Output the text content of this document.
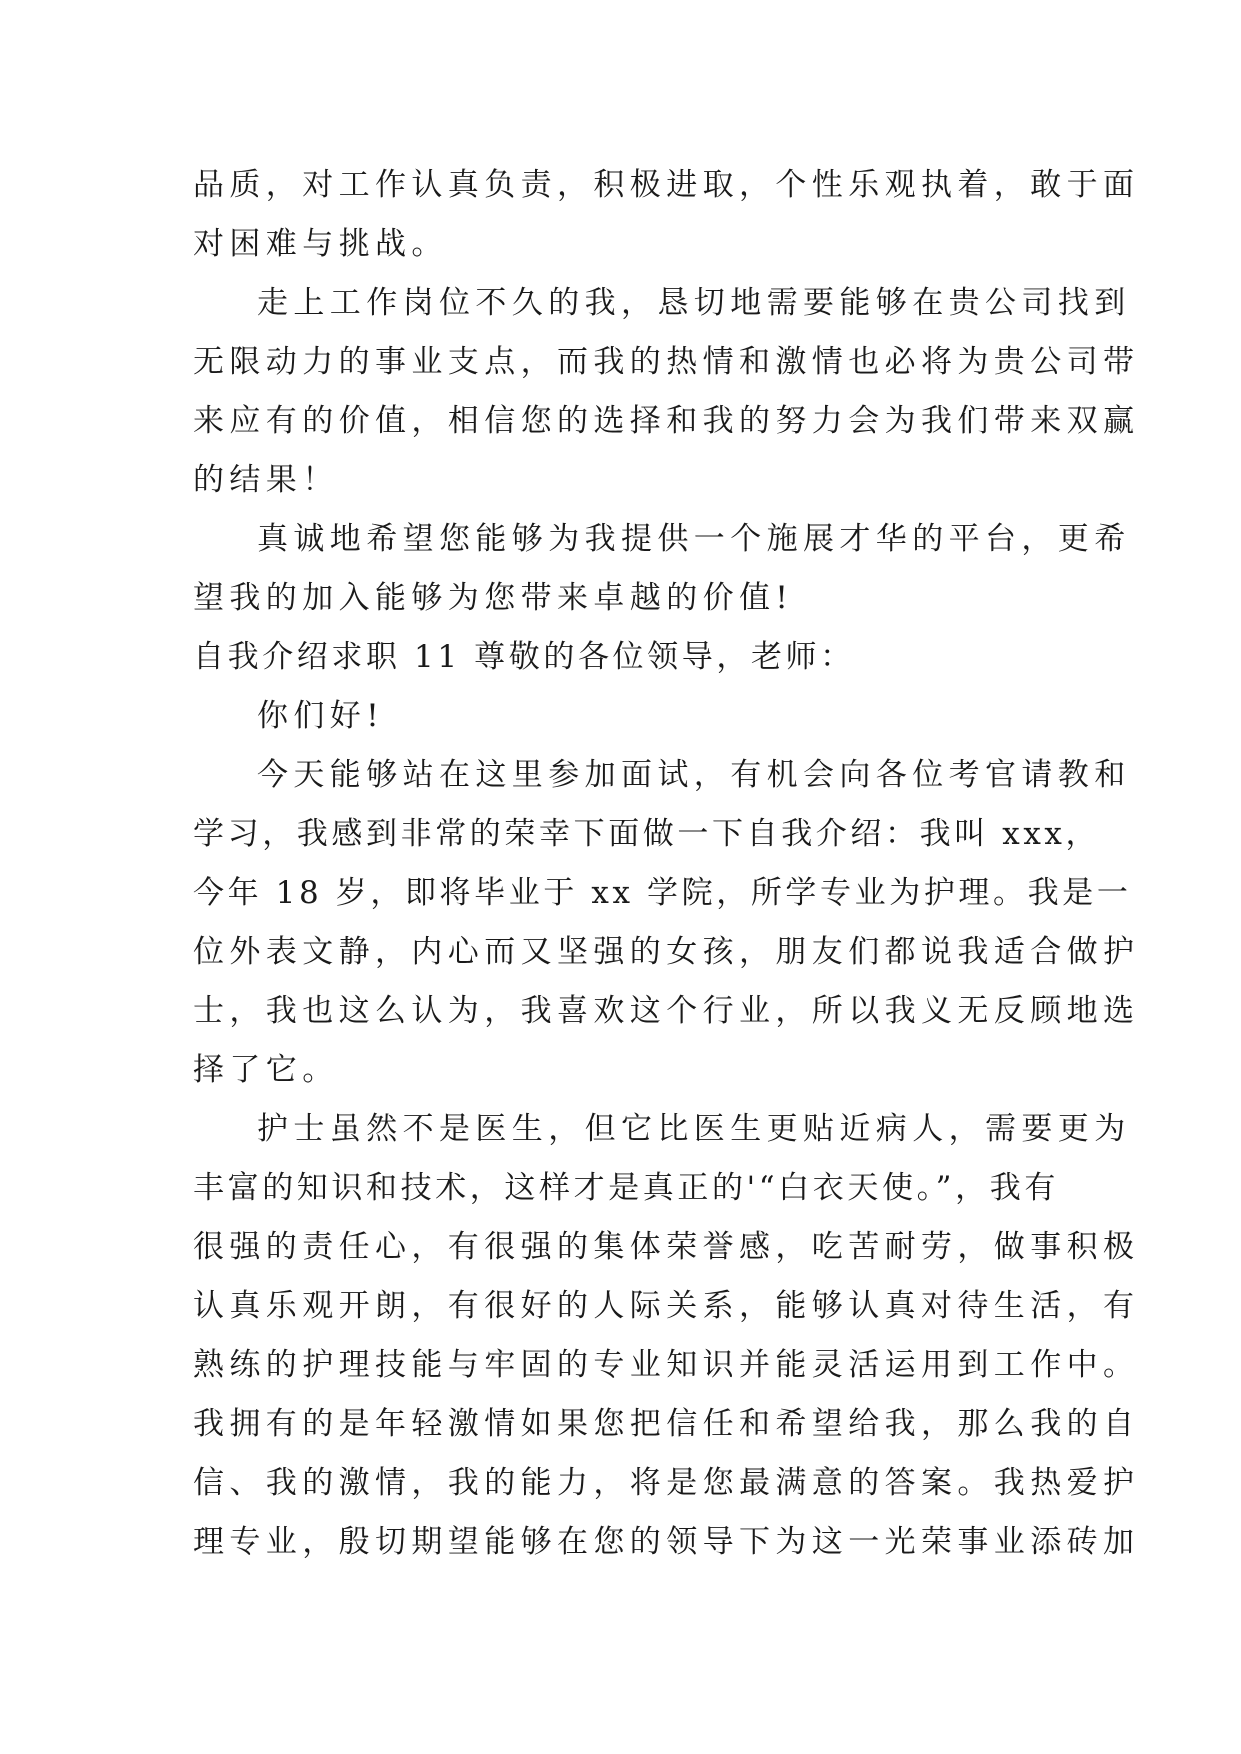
品质，对工作认真负责，积极进取，个性乐观执着，敢于面
对困难与挑战。
走上工作岗位不久的我，恳切地需要能够在贵公司找到
无限动力的事业支点，而我的热情和激情也必将为贵公司带
来应有的价值，相信您的选择和我的努力会为我们带来双赢
的结果！
真诚地希望您能够为我提供一个施展才华的平台，更希
望我的加入能够为您带来卓越的价值!
自我介绍求职 11 尊敬的各位领导，老师：
你们好!
今天能够站在这里参加面试，有机会向各位考官请教和
学习，我感到非常的荣幸下面做一下自我介绍：我叫 xxx，
今年 18 岁，即将毕业于 xx 学院，所学专业为护理。我是一
位外表文静，内心而又坚强的女孩，朋友们都说我适合做护
士，我也这么认为，我喜欢这个行业，所以我义无反顾地选
择了它。
护士虽然不是医生，但它比医生更贴近病人，需要更为
丰富的知识和技术，这样才是真正的'“白衣天使。”，我有
很强的责任心，有很强的集体荣誉感，吃苦耐劳，做事积极
认真乐观开朗，有很好的人际关系，能够认真对待生活，有
熟练的护理技能与牢固的专业知识并能灵活运用到工作中。
我拥有的是年轻激情如果您把信任和希望给我，那么我的自
信、我的激情，我的能力，将是您最满意的答案。我热爱护
理专业，殷切期望能够在您的领导下为这一光荣事业添砖加
